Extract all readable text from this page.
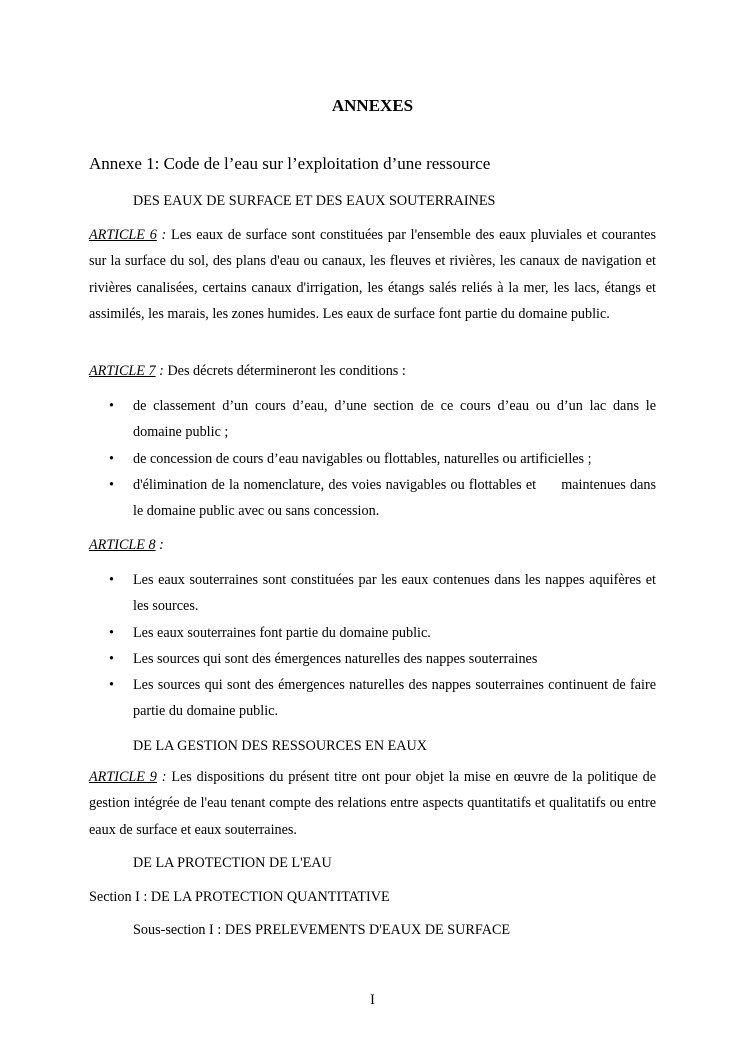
ANNEXES
Annexe 1: Code de l’eau sur l’exploitation d’une ressource
DES EAUX DE SURFACE ET DES EAUX SOUTERRAINES
ARTICLE 6 : Les eaux de surface sont constituées par l'ensemble des eaux pluviales et courantes sur la surface du sol, des plans d'eau ou canaux, les fleuves et rivières, les canaux de navigation et rivières canalisées, certains canaux d'irrigation, les étangs salés reliés à la mer, les lacs, étangs et assimilés, les marais, les zones humides. Les eaux de surface font partie du domaine public.
ARTICLE 7 : Des décrets détermineront les conditions :
• de classement d’un cours d’eau, d’une section de ce cours d’eau ou d’un lac dans le domaine public ;
• de concession de cours d’eau navigables ou flottables, naturelles ou artificielles ;
• d'élimination de la nomenclature, des voies navigables ou flottables et      maintenues dans le domaine public avec ou sans concession.
ARTICLE 8 :
• Les eaux souterraines sont constituées par les eaux contenues dans les nappes aquifères et les sources.
• Les eaux souterraines font partie du domaine public.
• Les sources qui sont des émergences naturelles des nappes souterraines
• Les sources qui sont des émergences naturelles des nappes souterraines continuent de faire partie du domaine public.
DE LA GESTION DES RESSOURCES EN EAUX
ARTICLE 9 : Les dispositions du présent titre ont pour objet la mise en œuvre de la politique de gestion intégrée de l'eau tenant compte des relations entre aspects quantitatifs et qualitatifs ou entre eaux de surface et eaux souterraines.
DE LA PROTECTION DE L'EAU
Section I : DE LA PROTECTION QUANTITATIVE
Sous-section I : DES PRELEVEMENTS D'EAUX DE SURFACE
I
